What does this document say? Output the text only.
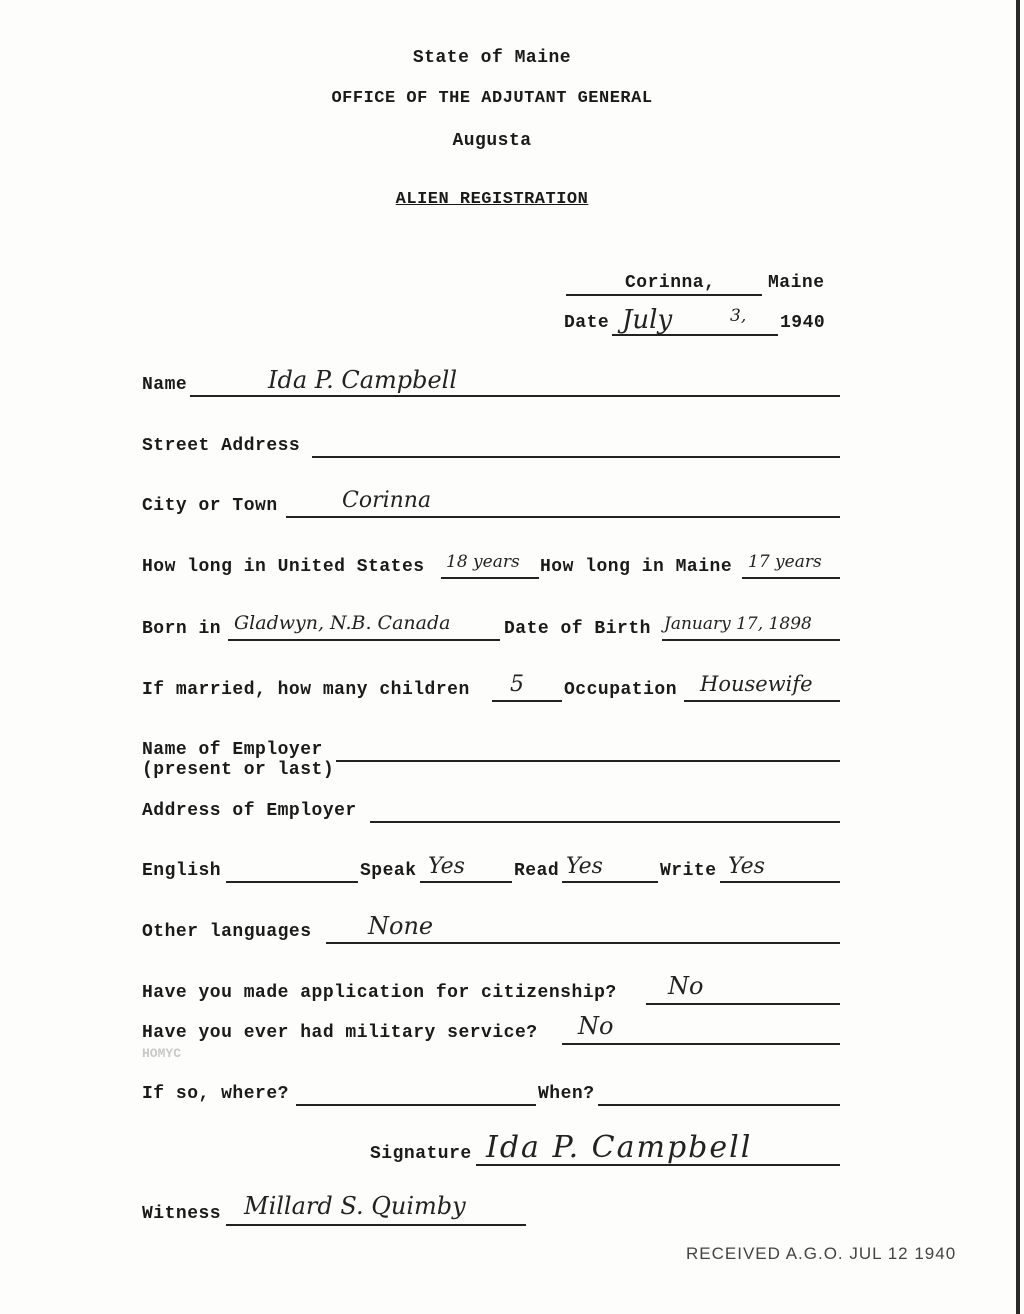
State of Maine
OFFICE OF THE ADJUTANT GENERAL
Augusta
ALIEN REGISTRATION
Corinna,	Maine
Date July	3, 1940
Name	Ida P. Campbell
Street Address
City or Town	Corinna
How long in United States 18 years How long in Maine 17 years
Born in Gladwyn, N.B. Canada	Date of Birth January 17, 1898
If married, how many children 5 Occupation Housewife
Name of Employer
(present or last)
Address of Employer
English	Speak Yes	Read Yes	Write Yes
Other languages None
Have you made application for citizenship? No
Have you ever had military service? No
HOMYC
If so, where?	When?
Signature Ida P. Campbell
Witness Millard S. Quimby
RECEIVED A.G.O. JUL 12 1940
